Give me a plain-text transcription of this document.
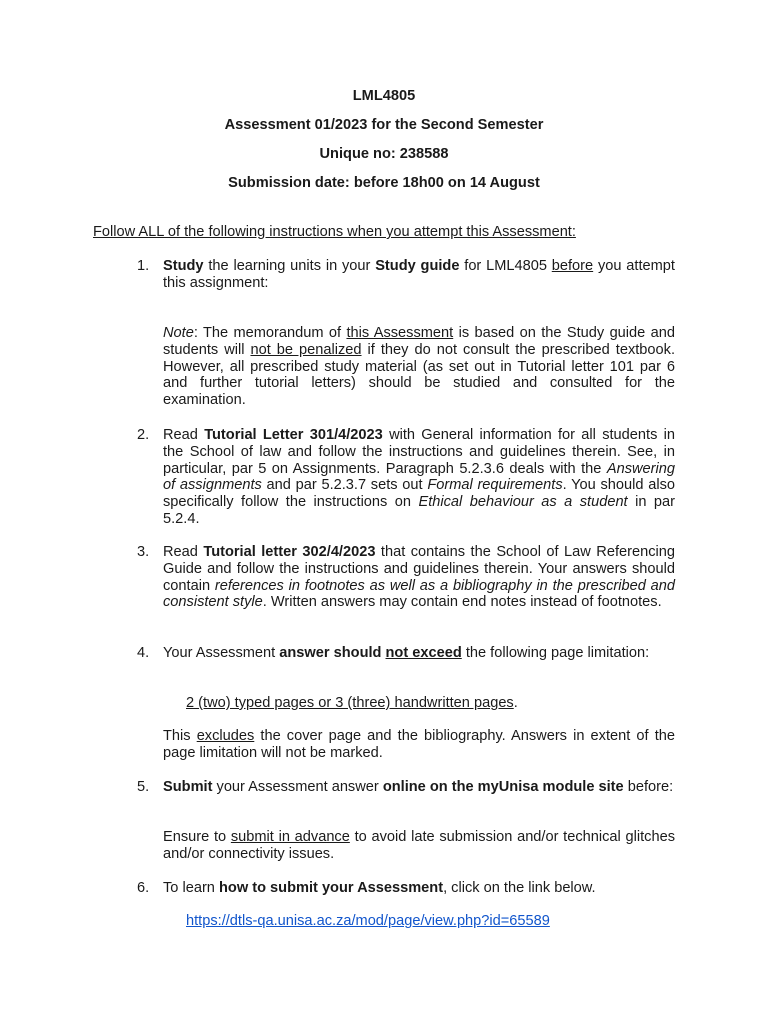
LML4805
Assessment 01/2023 for the Second Semester
Unique no: 238588
Submission date: before 18h00 on 14 August
Follow ALL of the following instructions when you attempt this Assessment:
1. Study the learning units in your Study guide for LML4805 before you attempt this assignment:
Note: The memorandum of this Assessment is based on the Study guide and students will not be penalized if they do not consult the prescribed textbook. However, all prescribed study material (as set out in Tutorial letter 101 par 6 and further tutorial letters) should be studied and consulted for the examination.
2. Read Tutorial Letter 301/4/2023 with General information for all students in the School of law and follow the instructions and guidelines therein. See, in particular, par 5 on Assignments. Paragraph 5.2.3.6 deals with the Answering of assignments and par 5.2.3.7 sets out Formal requirements. You should also specifically follow the instructions on Ethical behaviour as a student in par 5.2.4.
3. Read Tutorial letter 302/4/2023 that contains the School of Law Referencing Guide and follow the instructions and guidelines therein. Your answers should contain references in footnotes as well as a bibliography in the prescribed and consistent style. Written answers may contain end notes instead of footnotes.
4. Your Assessment answer should not exceed the following page limitation:
2 (two) typed pages or 3 (three) handwritten pages.
This excludes the cover page and the bibliography. Answers in extent of the page limitation will not be marked.
5. Submit your Assessment answer online on the myUnisa module site before:
Ensure to submit in advance to avoid late submission and/or technical glitches and/or connectivity issues.
6. To learn how to submit your Assessment, click on the link below.
https://dtls-qa.unisa.ac.za/mod/page/view.php?id=65589
